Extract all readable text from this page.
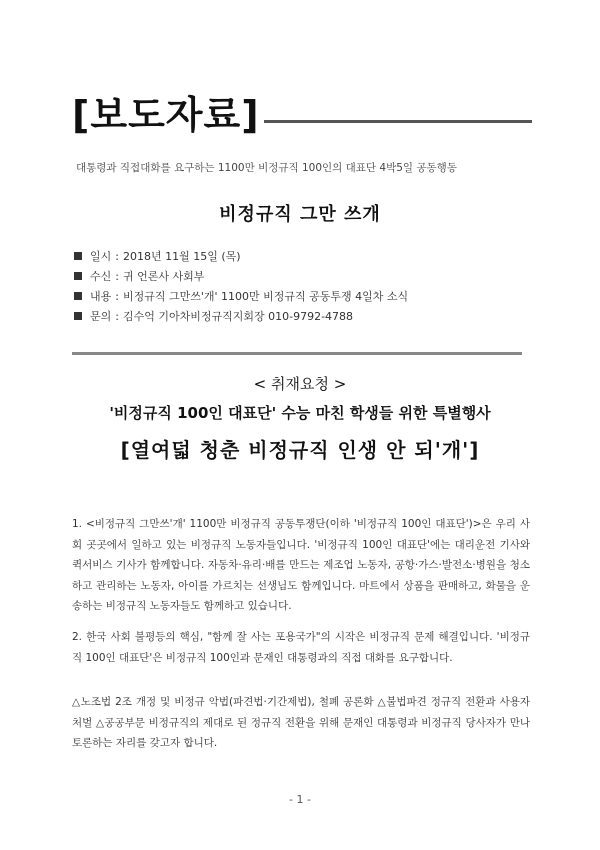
[보도자료]
대통령과 직접대화를 요구하는 1100만 비정규직 100인의 대표단 4박5일 공동행동
비정규직 그만 쓰개
일시 : 2018년 11월 15일 (목)
수신 : 귀 언론사 사회부
내용 : 비정규직 그만쓰'개' 1100만 비정규직 공동투쟁 4일차 소식
문의 : 김수억 기아차비정규직지회장 010-9792-4788
< 취재요청 >
'비정규직 100인 대표단' 수능 마친 학생들 위한 특별행사
[열여덟 청춘 비정규직 인생 안 되'개']
1. <비정규직 그만쓰'개' 1100만 비정규직 공동투쟁단(이하 '비정규직 100인 대표단')>은 우리 사회 곳곳에서 일하고 있는 비정규직 노동자들입니다. '비정규직 100인 대표단'에는 대리운전 기사와 퀵서비스 기사가 함께합니다. 자동차·유리·배를 만드는 제조업 노동자, 공항·가스·발전소·병원을 청소하고 관리하는 노동자, 아이를 가르치는 선생님도 함께입니다. 마트에서 상품을 판매하고, 화물을 운송하는 비정규직 노동자들도 함께하고 있습니다.
2. 한국 사회 불평등의 핵심, "함께 잘 사는 포용국가"의 시작은 비정규직 문제 해결입니다. '비정규직 100인 대표단'은 비정규직 100인과 문재인 대통령과의 직접 대화를 요구합니다.
△노조법 2조 개정 및 비정규 악법(파견법·기간제법), 철폐 공론화 △불법파견 정규직 전환과 사용자 처벌 △공공부문 비정규직의 제대로 된 정규직 전환을 위해 문재인 대통령과 비정규직 당사자가 만나 토론하는 자리를 갖고자 합니다.
- 1 -
